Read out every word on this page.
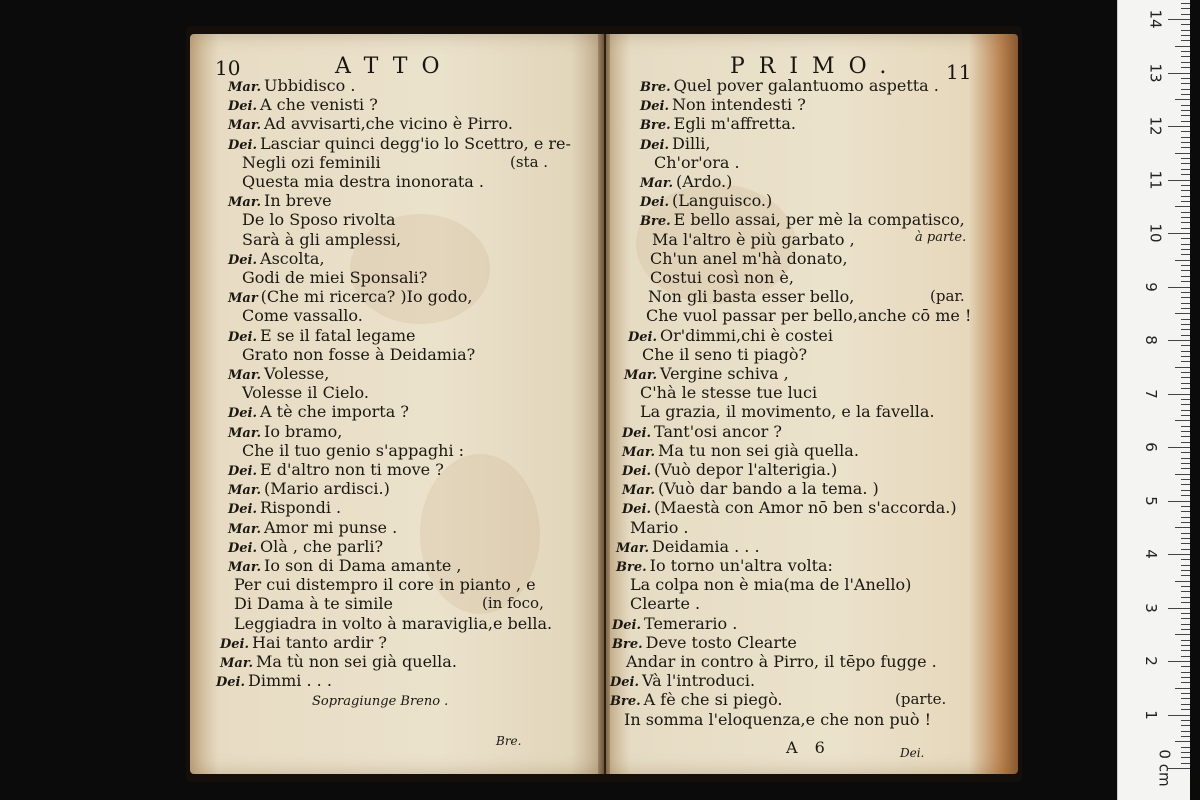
10	ATTO	PRIMO. 11
Mar. Ubbidisco .
Dei. A che venisti ?
Mar. Ad avvisarti,che vicino è Pirro.
Dei. Lasciar quinci degg'io lo Scettro, e re-
Negli ozi feminili	(sta .
Questa mia destra inonorata .
Mar. In breve
De lo Sposo rivolta
Sarà à gli amplessi,
Dei. Ascolta,
Godi de miei Sponsali?
Mar (Che mi ricerca? )Io godo,
Come vassallo.
Dei. E se il fatal legame
Grato non fosse à Deidamia?
Mar. Volesse,
Volesse il Cielo.
Dei. A tè che importa ?
Mar. Io bramo,
Che il tuo genio s'appaghi :
Dei. E d'altro non ti move ?
Mar. (Mario ardisci.)
Dei. Rispondi .
Mar. Amor mi punse .
Dei. Olà , che parli?
Mar. Io son di Dama amante ,
Per cui distempro il core in pianto , e
Di Dama à te simile	(in foco,
Leggiadra in volto à maraviglia,e bella.
Dei. Hai tanto ardir ?
Mar. Ma tù non sei già quella.
Dei. Dimmi . . .
Bre. Quel pover galantuomo aspetta .
Dei. Non intendesti ?
Bre. Egli m'affretta.
Dei. Dilli,
Ch'or'ora .
Mar. (Ardo.)
Dei. (Languisco.)
Bre. E bello assai, per mè la compatisco,
Ma l'altro è più garbato ,	à parte.
Ch'un anel m'hà donato,
Costui così non è,
Non gli basta esser bello,	(par.
Che vuol passar per bello,anche cō me !
Dei. Or'dimmi,chi è costei
Che il seno ti piagò?
Mar. Vergine schiva ,
C'hà le stesse tue luci
La grazia, il movimento, e la favella.
Dei. Tant'osi ancor ?
Mar. Ma tu non sei già quella.
Dei. (Vuò depor l'alterigia.)
Mar. (Vuò dar bando a la tema. )
Dei. (Maestà con Amor nō ben s'accorda.)
Mario .
Mar. Deidamia . . .
Bre. Io torno un'altra volta:
La colpa non è mia(ma de l'Anello)
Clearte .
Dei. Temerario .
Bre. Deve tosto Clearte
Andar in contro à Pirro, il tēpo fugge .
Dei. Và l'introduci.
Bre. A fè che si piegò.	(parte.
In somma l'eloquenza,e che non può !
Sopragiunge Breno .
Bre.	A 6	Dei.
14
13
12
11
10
9
8
7
6
5
4
3
2
1
0 cm
